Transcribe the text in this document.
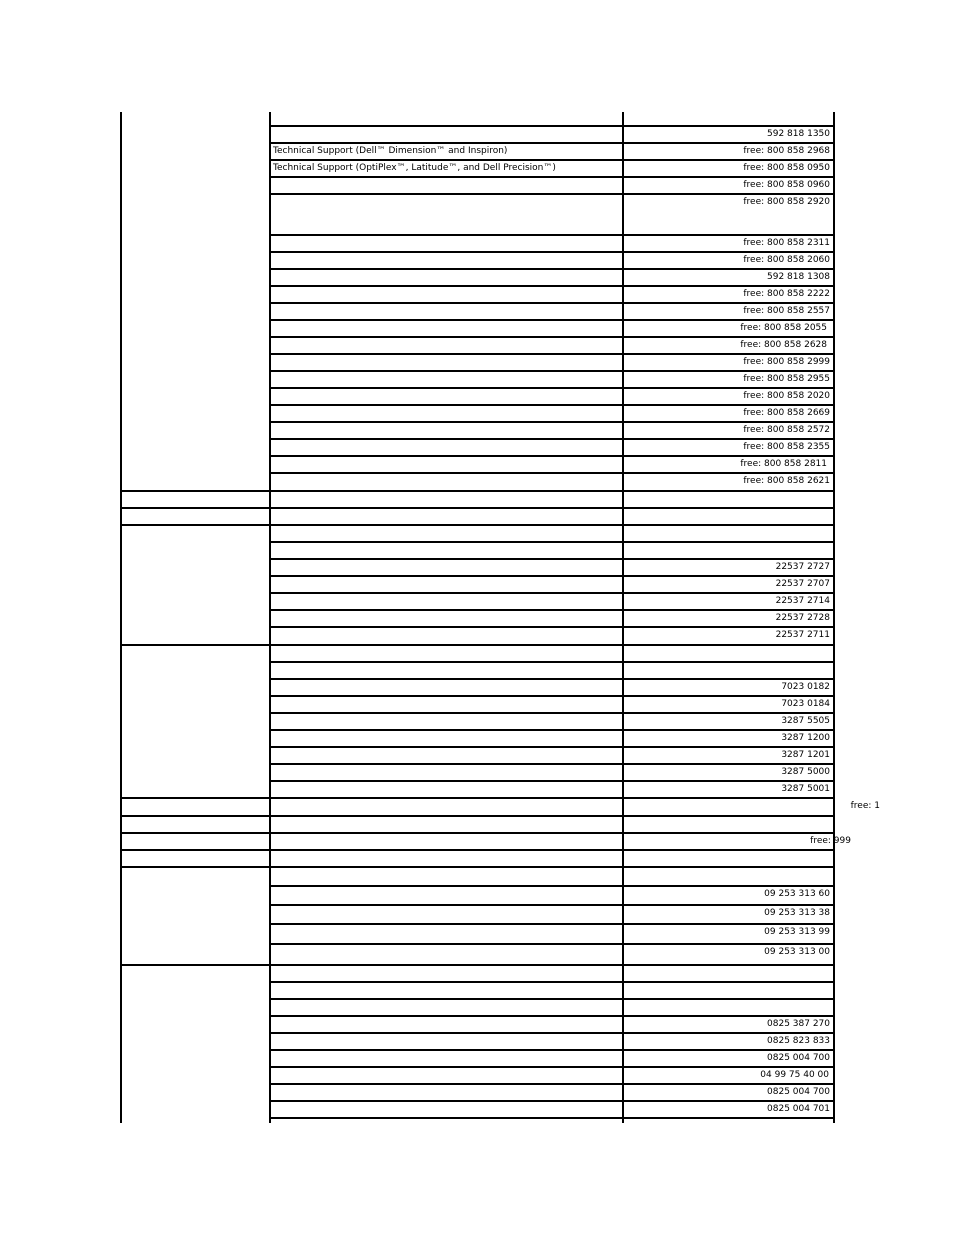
592 818 1350
Technical Support (Dell™ Dimension™ and Inspiron)	free: 800 858 2968
Technical Support (OptiPlex™, Latitude™, and Dell Precision™)	free: 800 858 0950
free: 800 858 0960
free: 800 858 2920
free: 800 858 2311
free: 800 858 2060
592 818 1308
free: 800 858 2222
free: 800 858 2557
free: 800 858 2055
free: 800 858 2628
free: 800 858 2999
free: 800 858 2955
free: 800 858 2020
free: 800 858 2669
free: 800 858 2572
free: 800 858 2355
free: 800 858 2811
free: 800 858 2621
22537 2727
22537 2707
22537 2714
22537 2728
22537 2711
7023 0182
7023 0184
3287 5505
3287 1200
3287 1201
3287 5000
3287 5001
free: 1
free: 999
09 253 313 60
09 253 313 38
09 253 313 99
09 253 313 00
0825 387 270
0825 823 833
0825 004 700
04 99 75 40 00
0825 004 700
0825 004 701
